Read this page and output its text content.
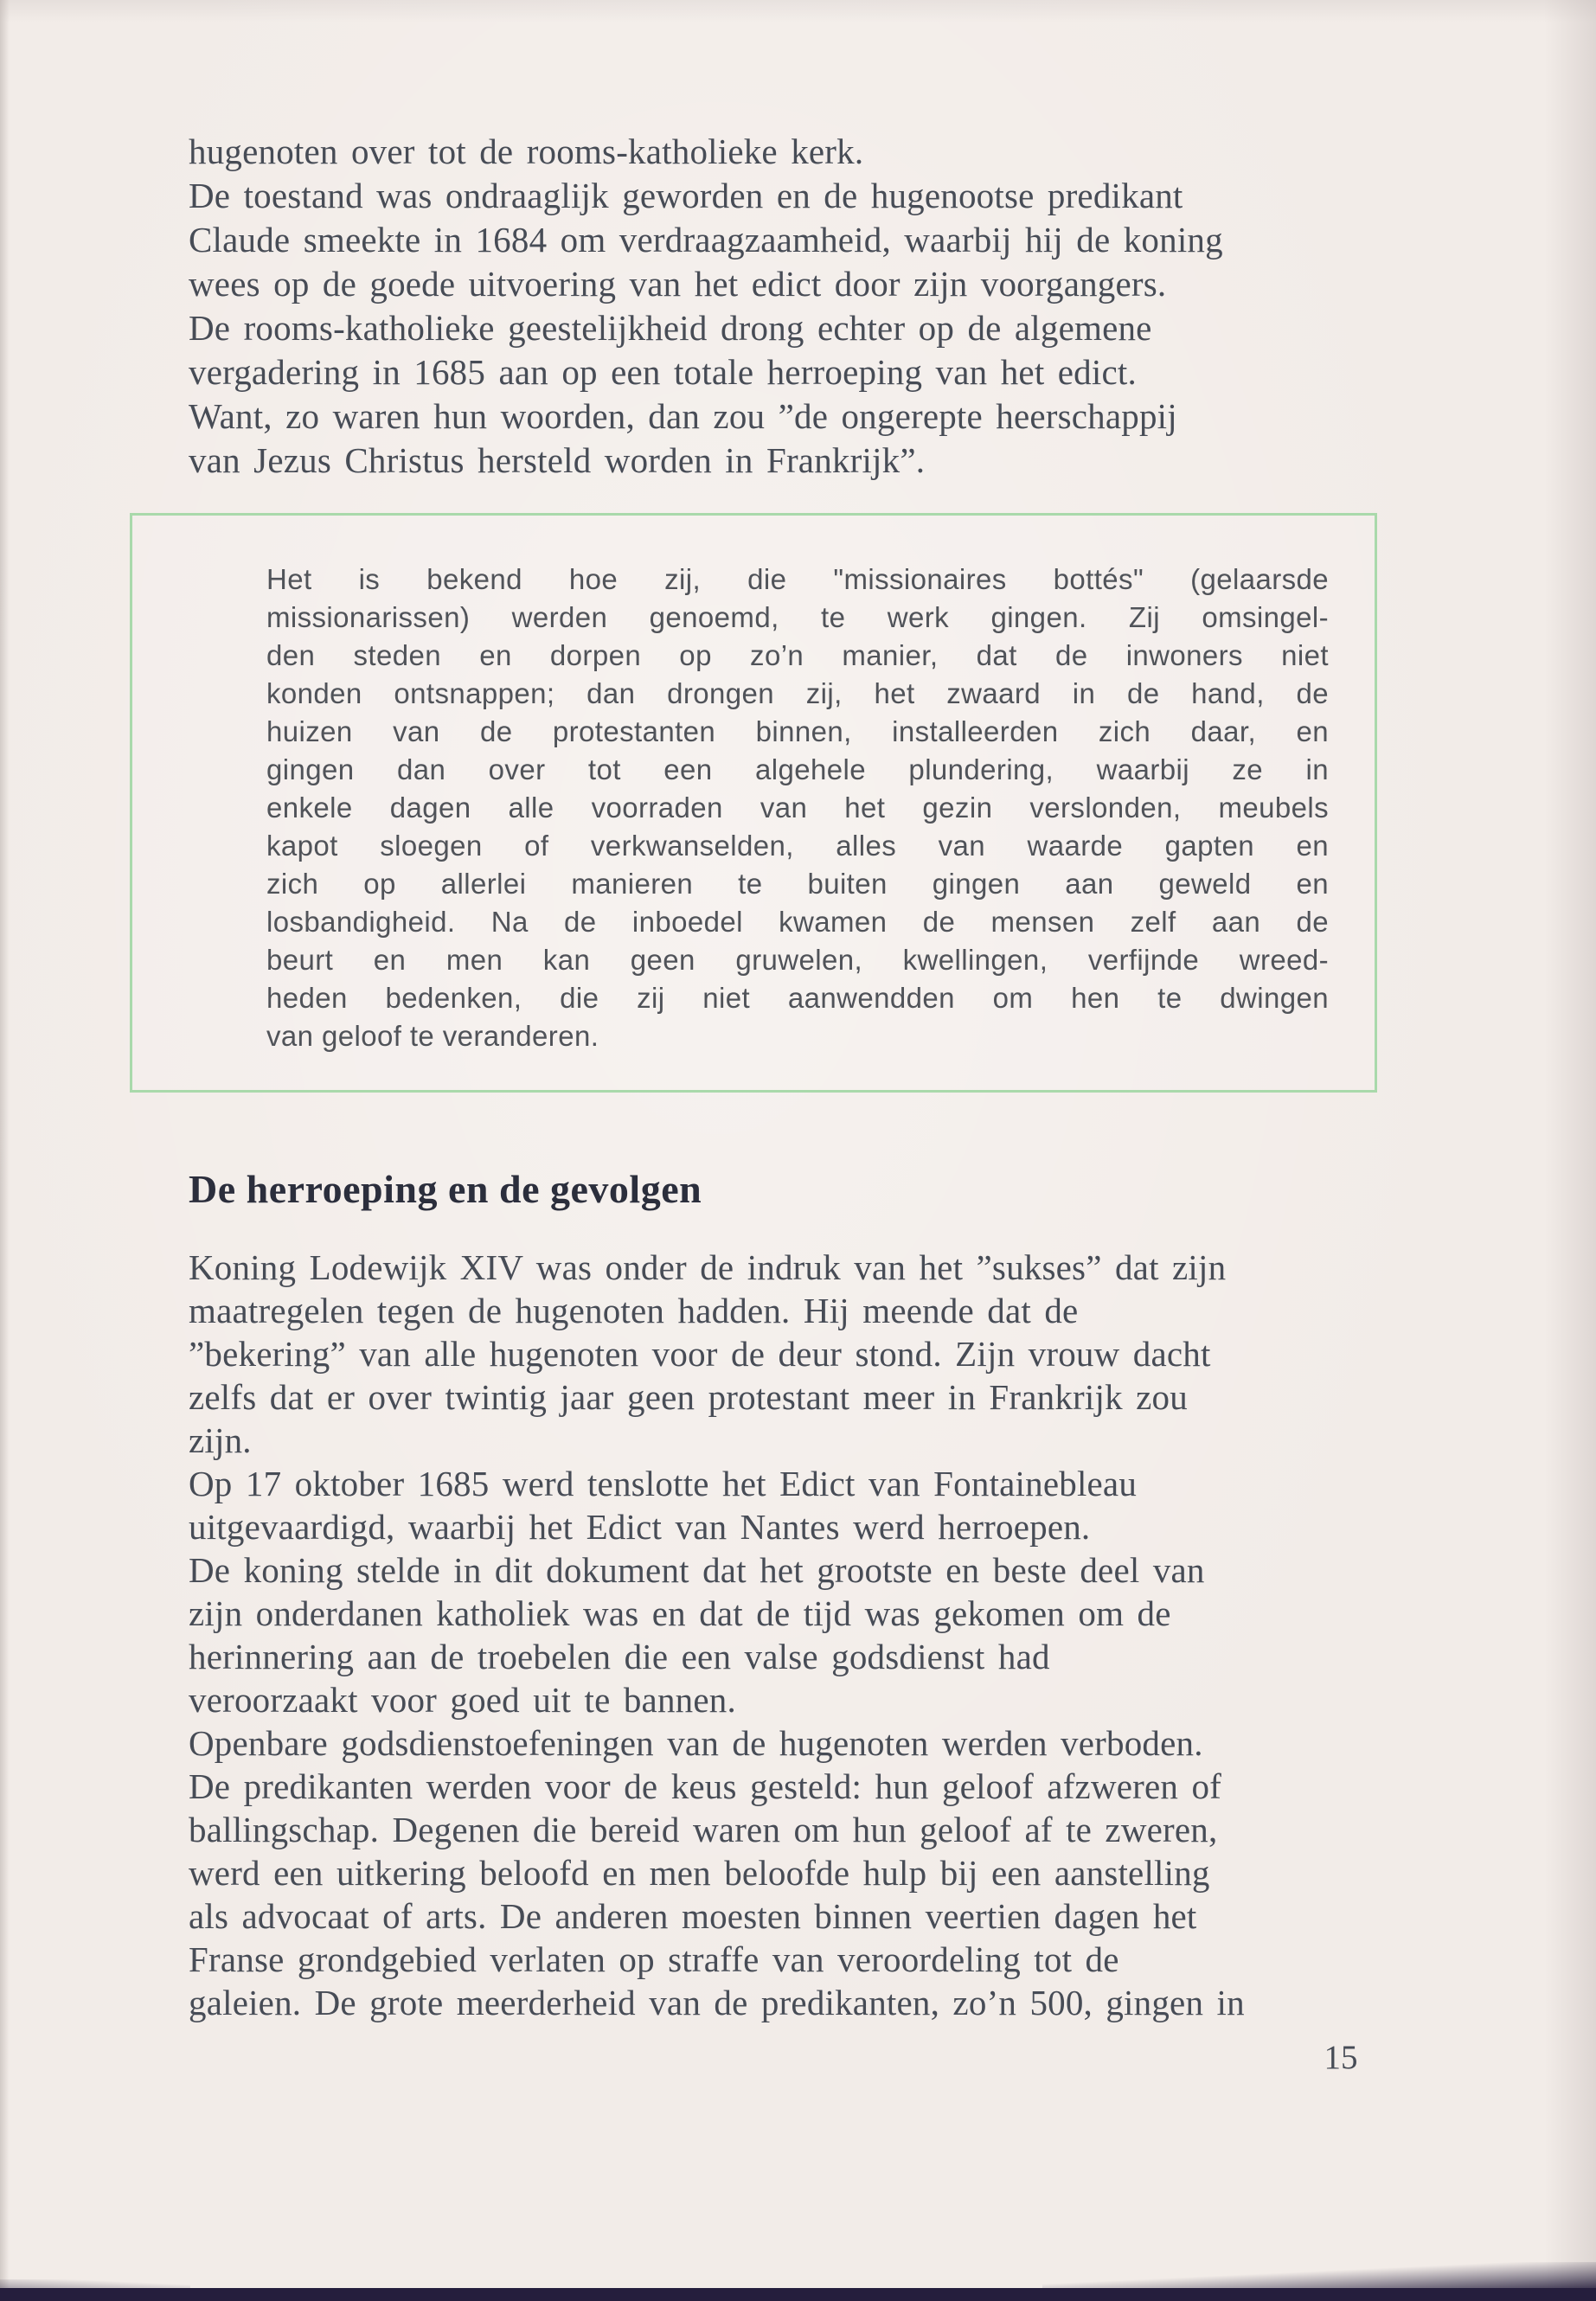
hugenoten over tot de rooms-katholieke kerk.
De toestand was ondraaglijk geworden en de hugenootse predikant
Claude smeekte in 1684 om verdraagzaamheid, waarbij hij de koning
wees op de goede uitvoering van het edict door zijn voorgangers.
De rooms-katholieke geestelijkheid drong echter op de algemene
vergadering in 1685 aan op een totale herroeping van het edict.
Want, zo waren hun woorden, dan zou ”de ongerepte heerschappij
van Jezus Christus hersteld worden in Frankrijk”.
Het is bekend hoe zij, die "missionaires bottés" (gelaarsde
missionarissen) werden genoemd, te werk gingen. Zij omsingel-
den steden en dorpen op zo’n manier, dat de inwoners niet
konden ontsnappen; dan drongen zij, het zwaard in de hand, de
huizen van de protestanten binnen, installeerden zich daar, en
gingen dan over tot een algehele plundering, waarbij ze in
enkele dagen alle voorraden van het gezin verslonden, meubels
kapot sloegen of verkwanselden, alles van waarde gapten en
zich op allerlei manieren te buiten gingen aan geweld en
losbandigheid. Na de inboedel kwamen de mensen zelf aan de
beurt en men kan geen gruwelen, kwellingen, verfijnde wreed-
heden bedenken, die zij niet aanwendden om hen te dwingen
van geloof te veranderen.
De herroeping en de gevolgen
Koning Lodewijk XIV was onder de indruk van het ”sukses” dat zijn
maatregelen tegen de hugenoten hadden. Hij meende dat de
”bekering” van alle hugenoten voor de deur stond. Zijn vrouw dacht
zelfs dat er over twintig jaar geen protestant meer in Frankrijk zou
zijn.
Op 17 oktober 1685 werd tenslotte het Edict van Fontainebleau
uitgevaardigd, waarbij het Edict van Nantes werd herroepen.
De koning stelde in dit dokument dat het grootste en beste deel van
zijn onderdanen katholiek was en dat de tijd was gekomen om de
herinnering aan de troebelen die een valse godsdienst had
veroorzaakt voor goed uit te bannen.
Openbare godsdienstoefeningen van de hugenoten werden verboden.
De predikanten werden voor de keus gesteld: hun geloof afzweren of
ballingschap. Degenen die bereid waren om hun geloof af te zweren,
werd een uitkering beloofd en men beloofde hulp bij een aanstelling
als advocaat of arts. De anderen moesten binnen veertien dagen het
Franse grondgebied verlaten op straffe van veroordeling tot de
galeien. De grote meerderheid van de predikanten, zo’n 500, gingen in
15
